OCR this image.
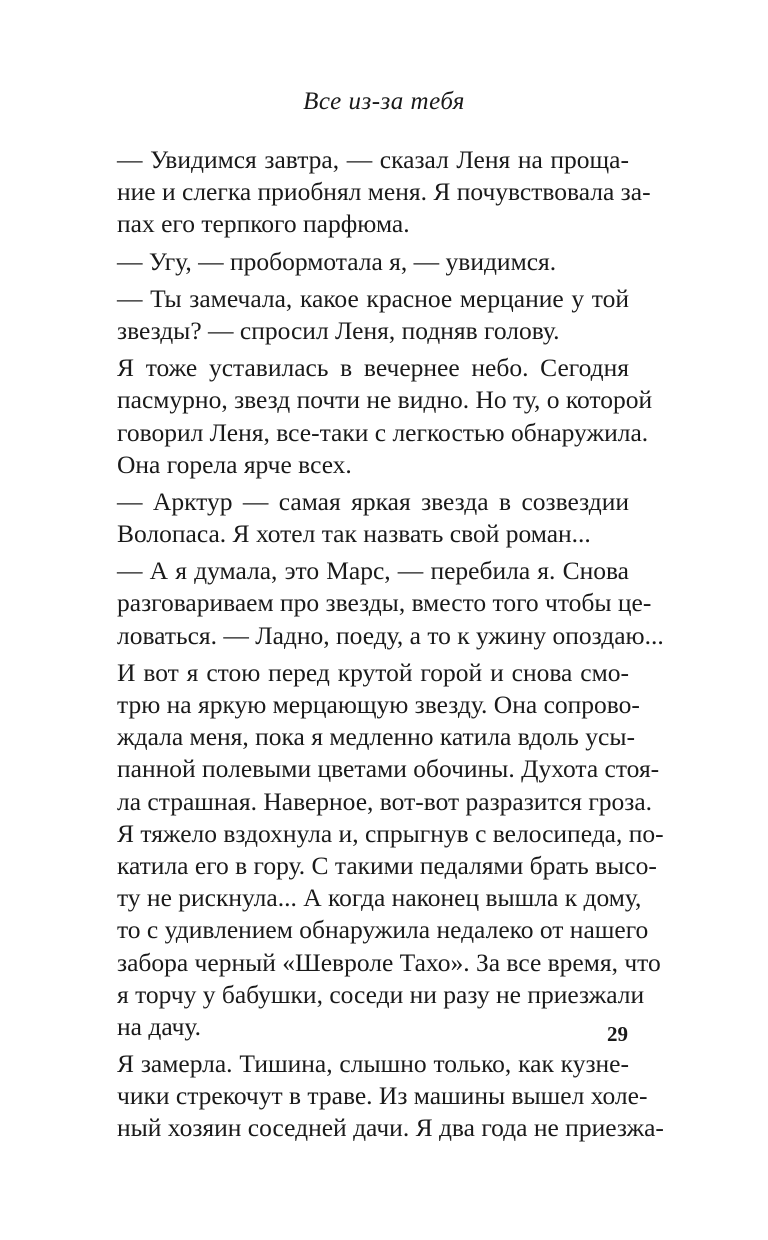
Все из-за тебя
— Увидимся завтра, — сказал Леня на проща-
ние и слегка приобнял меня. Я почувствовала за-
пах его терпкого парфюма.
— Угу, — пробормотала я, — увидимся.
— Ты замечала, какое красное мерцание у той
звезды? — спросил Леня, подняв голову.
Я тоже уставилась в вечернее небо. Сегодня
пасмурно, звезд почти не видно. Но ту, о которой
говорил Леня, все-таки с легкостью обнаружила.
Она горела ярче всех.
— Арктур — самая яркая звезда в созвездии
Волопаса. Я хотел так назвать свой роман...
— А я думала, это Марс, — перебила я. Снова
разговариваем про звезды, вместо того чтобы це-
ловаться. — Ладно, поеду, а то к ужину опоздаю...
И вот я стою перед крутой горой и снова смо-
трю на яркую мерцающую звезду. Она сопрово-
ждала меня, пока я медленно катила вдоль усы-
панной полевыми цветами обочины. Духота стоя-
ла страшная. Наверное, вот-вот разразится гроза.
Я тяжело вздохнула и, спрыгнув с велосипеда, по-
катила его в гору. С такими педалями брать высо-
ту не рискнула... А когда наконец вышла к дому,
то с удивлением обнаружила недалеко от нашего
забора черный «Шевроле Тахо». За все время, что
я торчу у бабушки, соседи ни разу не приезжали
на дачу.
Я замерла. Тишина, слышно только, как кузне-
чики стрекочут в траве. Из машины вышел холе-
ный хозяин соседней дачи. Я два года не приезжа-
29
